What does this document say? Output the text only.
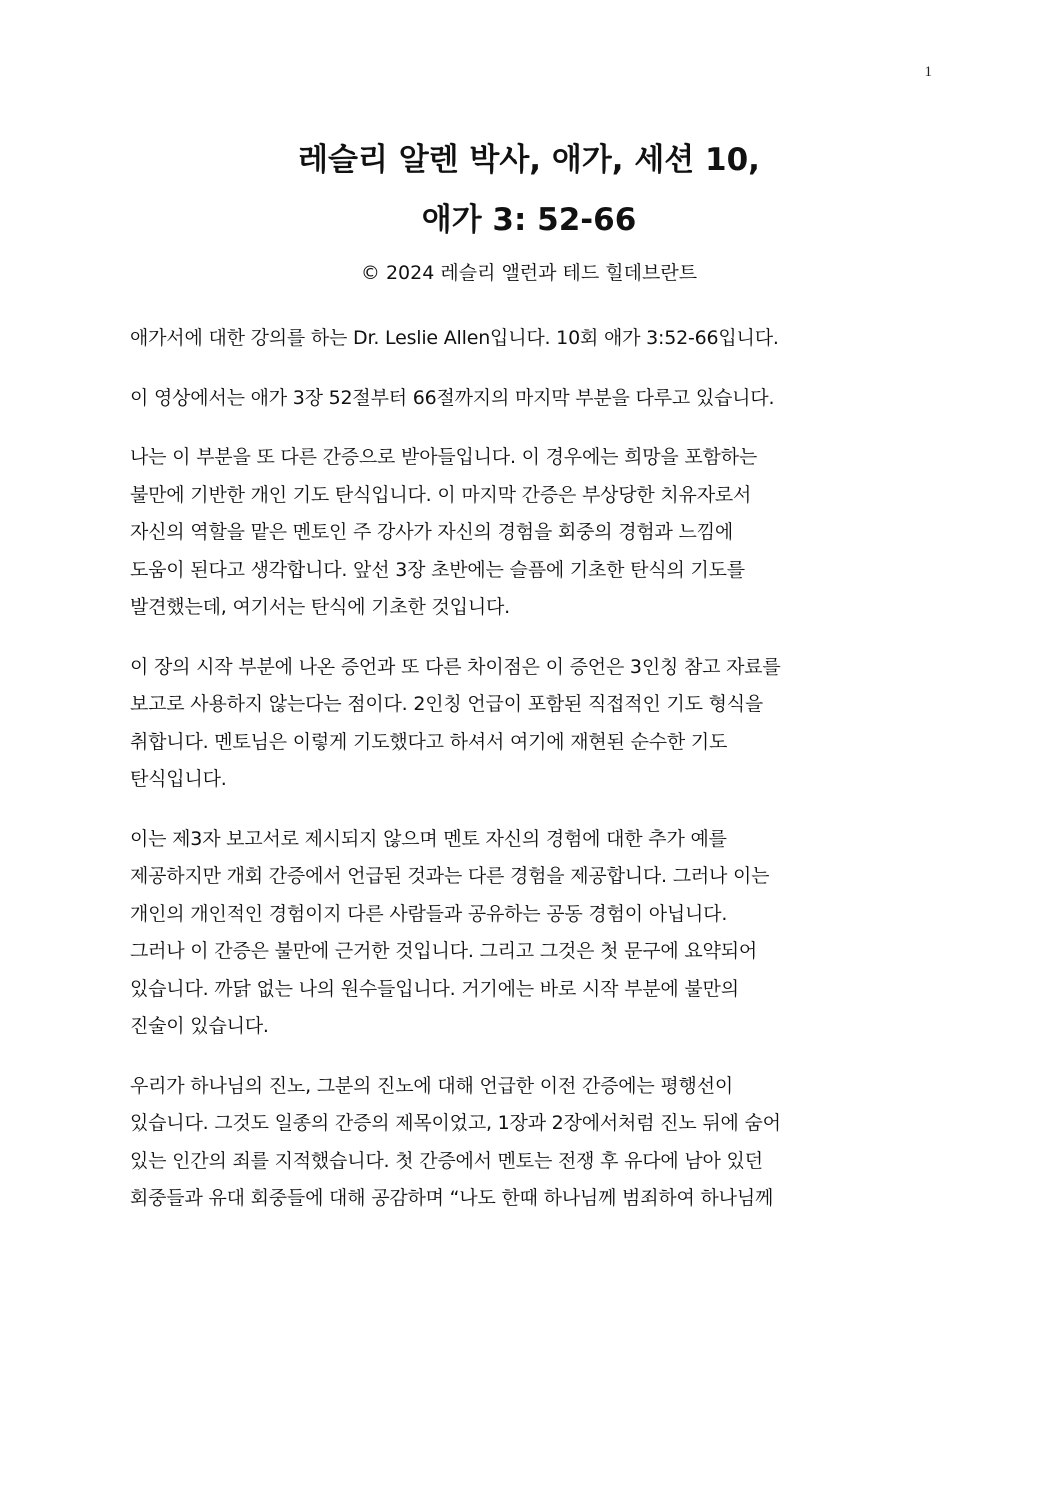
1

레슬리 알렌 박사, 애가, 세션 10,

애가 3: 52-66

© 2024 레슬리 앨런과 테드 힐데브란트

애가서에 대한 강의를 하는 Dr. Leslie Allen입니다. 10회 애가 3:52-66입니다.

이 영상에서는 애가 3장 52절부터 66절까지의 마지막 부분을 다루고 있습니다.

나는 이 부분을 또 다른 간증으로 받아들입니다. 이 경우에는 희망을 포함하는
불만에 기반한 개인 기도 탄식입니다. 이 마지막 간증은 부상당한 치유자로서
자신의 역할을 맡은 멘토인 주 강사가 자신의 경험을 회중의 경험과 느낌에
도움이 된다고 생각합니다. 앞선 3장 초반에는 슬픔에 기초한 탄식의 기도를
발견했는데, 여기서는 탄식에 기초한 것입니다.

이 장의 시작 부분에 나온 증언과 또 다른 차이점은 이 증언은 3인칭 참고 자료를
보고로 사용하지 않는다는 점이다. 2인칭 언급이 포함된 직접적인 기도 형식을
취합니다. 멘토님은 이렇게 기도했다고 하셔서 여기에 재현된 순수한 기도
탄식입니다.

이는 제3자 보고서로 제시되지 않으며 멘토 자신의 경험에 대한 추가 예를
제공하지만 개회 간증에서 언급된 것과는 다른 경험을 제공합니다. 그러나 이는
개인의 개인적인 경험이지 다른 사람들과 공유하는 공동 경험이 아닙니다.
그러나 이 간증은 불만에 근거한 것입니다. 그리고 그것은 첫 문구에 요약되어
있습니다. 까닭 없는 나의 원수들입니다. 거기에는 바로 시작 부분에 불만의
진술이 있습니다.

우리가 하나님의 진노, 그분의 진노에 대해 언급한 이전 간증에는 평행선이
있습니다. 그것도 일종의 간증의 제목이었고, 1장과 2장에서처럼 진노 뒤에 숨어
있는 인간의 죄를 지적했습니다. 첫 간증에서 멘토는 전쟁 후 유다에 남아 있던
회중들과 유대 회중들에 대해 공감하며 “나도 한때 하나님께 범죄하여 하나님께
